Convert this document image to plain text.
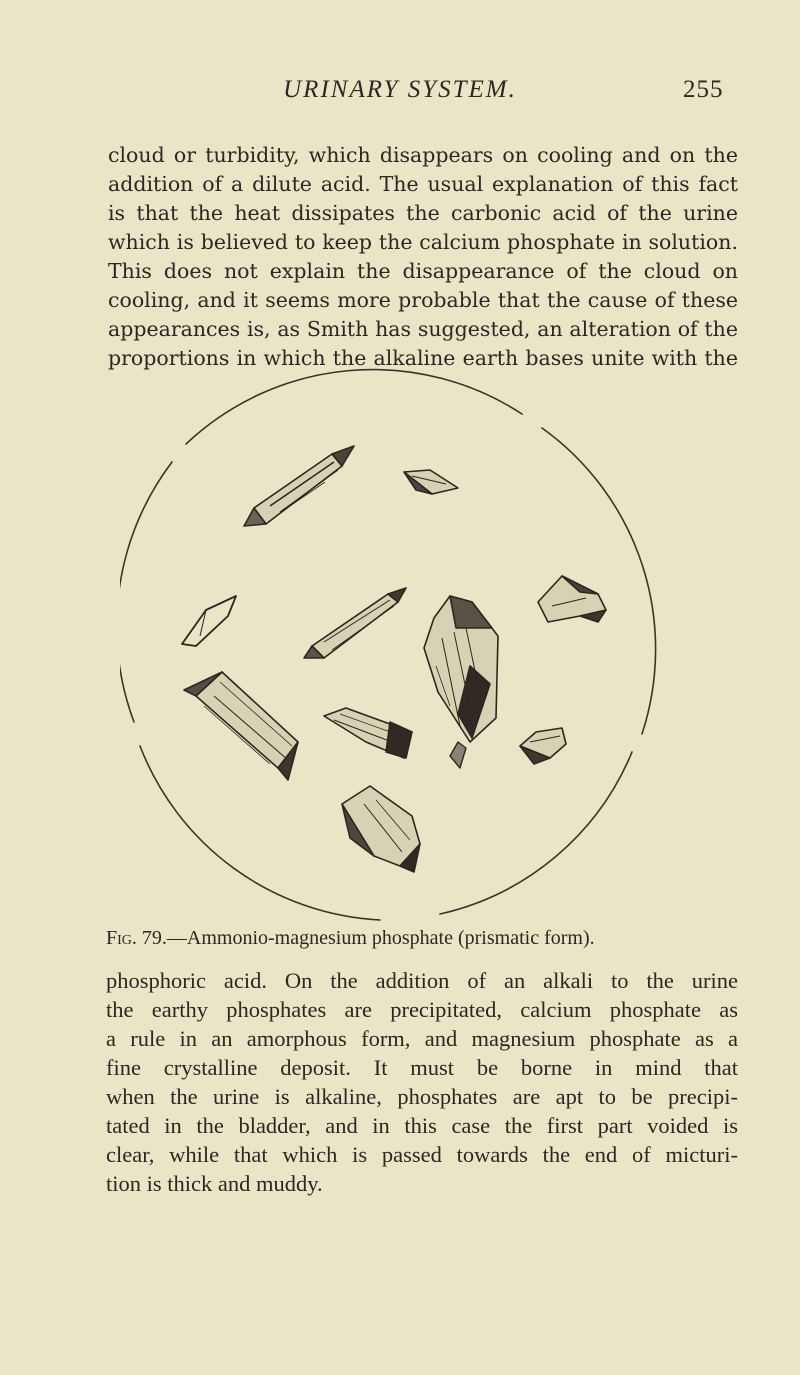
URINARY SYSTEM.	255
cloud or turbidity, which disappears on cooling and on the
addition of a dilute acid. The usual explanation of this fact
is that the heat dissipates the carbonic acid of the urine
which is believed to keep the calcium phosphate in solution.
This does not explain the disappearance of the cloud on
cooling, and it seems more probable that the cause of these
appearances is, as Smith has suggested, an alteration of the
proportions in which the alkaline earth bases unite with the
Fig. 79.—Ammonio-magnesium phosphate (prismatic form).
phosphoric acid. On the addition of an alkali to the urine
the earthy phosphates are precipitated, calcium phosphate as
a rule in an amorphous form, and magnesium phosphate as a
fine crystalline deposit. It must be borne in mind that
when the urine is alkaline, phosphates are apt to be precipi-
tated in the bladder, and in this case the first part voided is
clear, while that which is passed towards the end of micturi-
tion is thick and muddy.
